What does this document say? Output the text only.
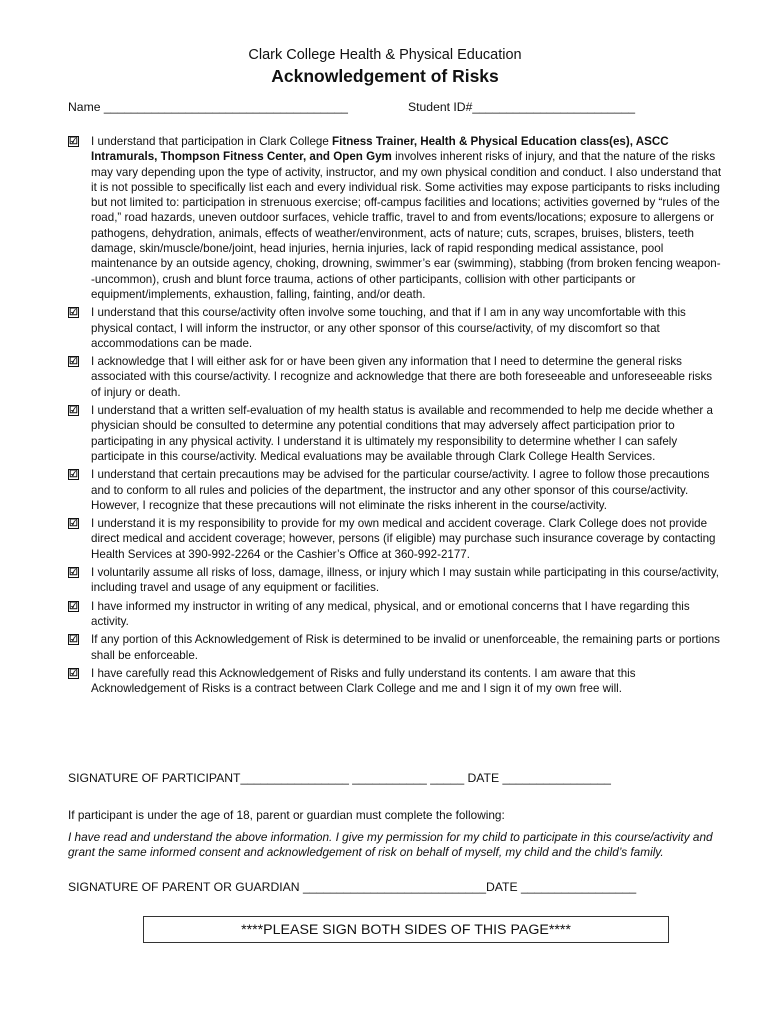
Clark College Health & Physical Education
Acknowledgement of Risks
Name ____________________________________	Student ID#________________________
☑ I understand that participation in Clark College Fitness Trainer, Health & Physical Education class(es), ASCC Intramurals, Thompson Fitness Center, and Open Gym involves inherent risks of injury, and that the nature of the risks may vary depending upon the type of activity, instructor, and my own physical condition and conduct. I also understand that it is not possible to specifically list each and every individual risk. Some activities may expose participants to risks including but not limited to: participation in strenuous exercise; off-campus facilities and locations; activities governed by “rules of the road,” road hazards, uneven outdoor surfaces, vehicle traffic, travel to and from events/locations; exposure to allergens or pathogens, dehydration, animals, effects of weather/environment, acts of nature; cuts, scrapes, bruises, blisters, teeth damage, skin/muscle/bone/joint, head injuries, hernia injuries, lack of rapid responding medical assistance, pool maintenance by an outside agency, choking, drowning, swimmer’s ear (swimming), stabbing (from broken fencing weapon--uncommon), crush and blunt force trauma, actions of other participants, collision with other participants or equipment/implements, exhaustion, falling, fainting, and/or death.
☑ I understand that this course/activity often involve some touching, and that if I am in any way uncomfortable with this physical contact, I will inform the instructor, or any other sponsor of this course/activity, of my discomfort so that accommodations can be made.
☑ I acknowledge that I will either ask for or have been given any information that I need to determine the general risks associated with this course/activity. I recognize and acknowledge that there are both foreseeable and unforeseeable risks of injury or death.
☑ I understand that a written self-evaluation of my health status is available and recommended to help me decide whether a physician should be consulted to determine any potential conditions that may adversely affect participation prior to participating in any physical activity. I understand it is ultimately my responsibility to determine whether I can safely participate in this course/activity. Medical evaluations may be available through Clark College Health Services.
☑ I understand that certain precautions may be advised for the particular course/activity. I agree to follow those precautions and to conform to all rules and policies of the department, the instructor and any other sponsor of this course/activity. However, I recognize that these precautions will not eliminate the risks inherent in the course/activity.
☑ I understand it is my responsibility to provide for my own medical and accident coverage. Clark College does not provide direct medical and accident coverage; however, persons (if eligible) may purchase such insurance coverage by contacting Health Services at 390-992-2264 or the Cashier’s Office at 360-992-2177.
☑ I voluntarily assume all risks of loss, damage, illness, or injury which I may sustain while participating in this course/activity, including travel and usage of any equipment or facilities.
☑ I have informed my instructor in writing of any medical, physical, and or emotional concerns that I have regarding this activity.
☑ If any portion of this Acknowledgement of Risk is determined to be invalid or unenforceable, the remaining parts or portions shall be enforceable.
☑ I have carefully read this Acknowledgement of Risks and fully understand its contents. I am aware that this Acknowledgement of Risks is a contract between Clark College and me and I sign it of my own free will.
SIGNATURE OF PARTICIPANT________________ ___________ _____ DATE ________________
If participant is under the age of 18, parent or guardian must complete the following:
I have read and understand the above information. I give my permission for my child to participate in this course/activity and grant the same informed consent and acknowledgement of risk on behalf of myself, my child and the child’s family.
SIGNATURE OF PARENT OR GUARDIAN ___________________________DATE _________________
****PLEASE SIGN BOTH SIDES OF THIS PAGE****
